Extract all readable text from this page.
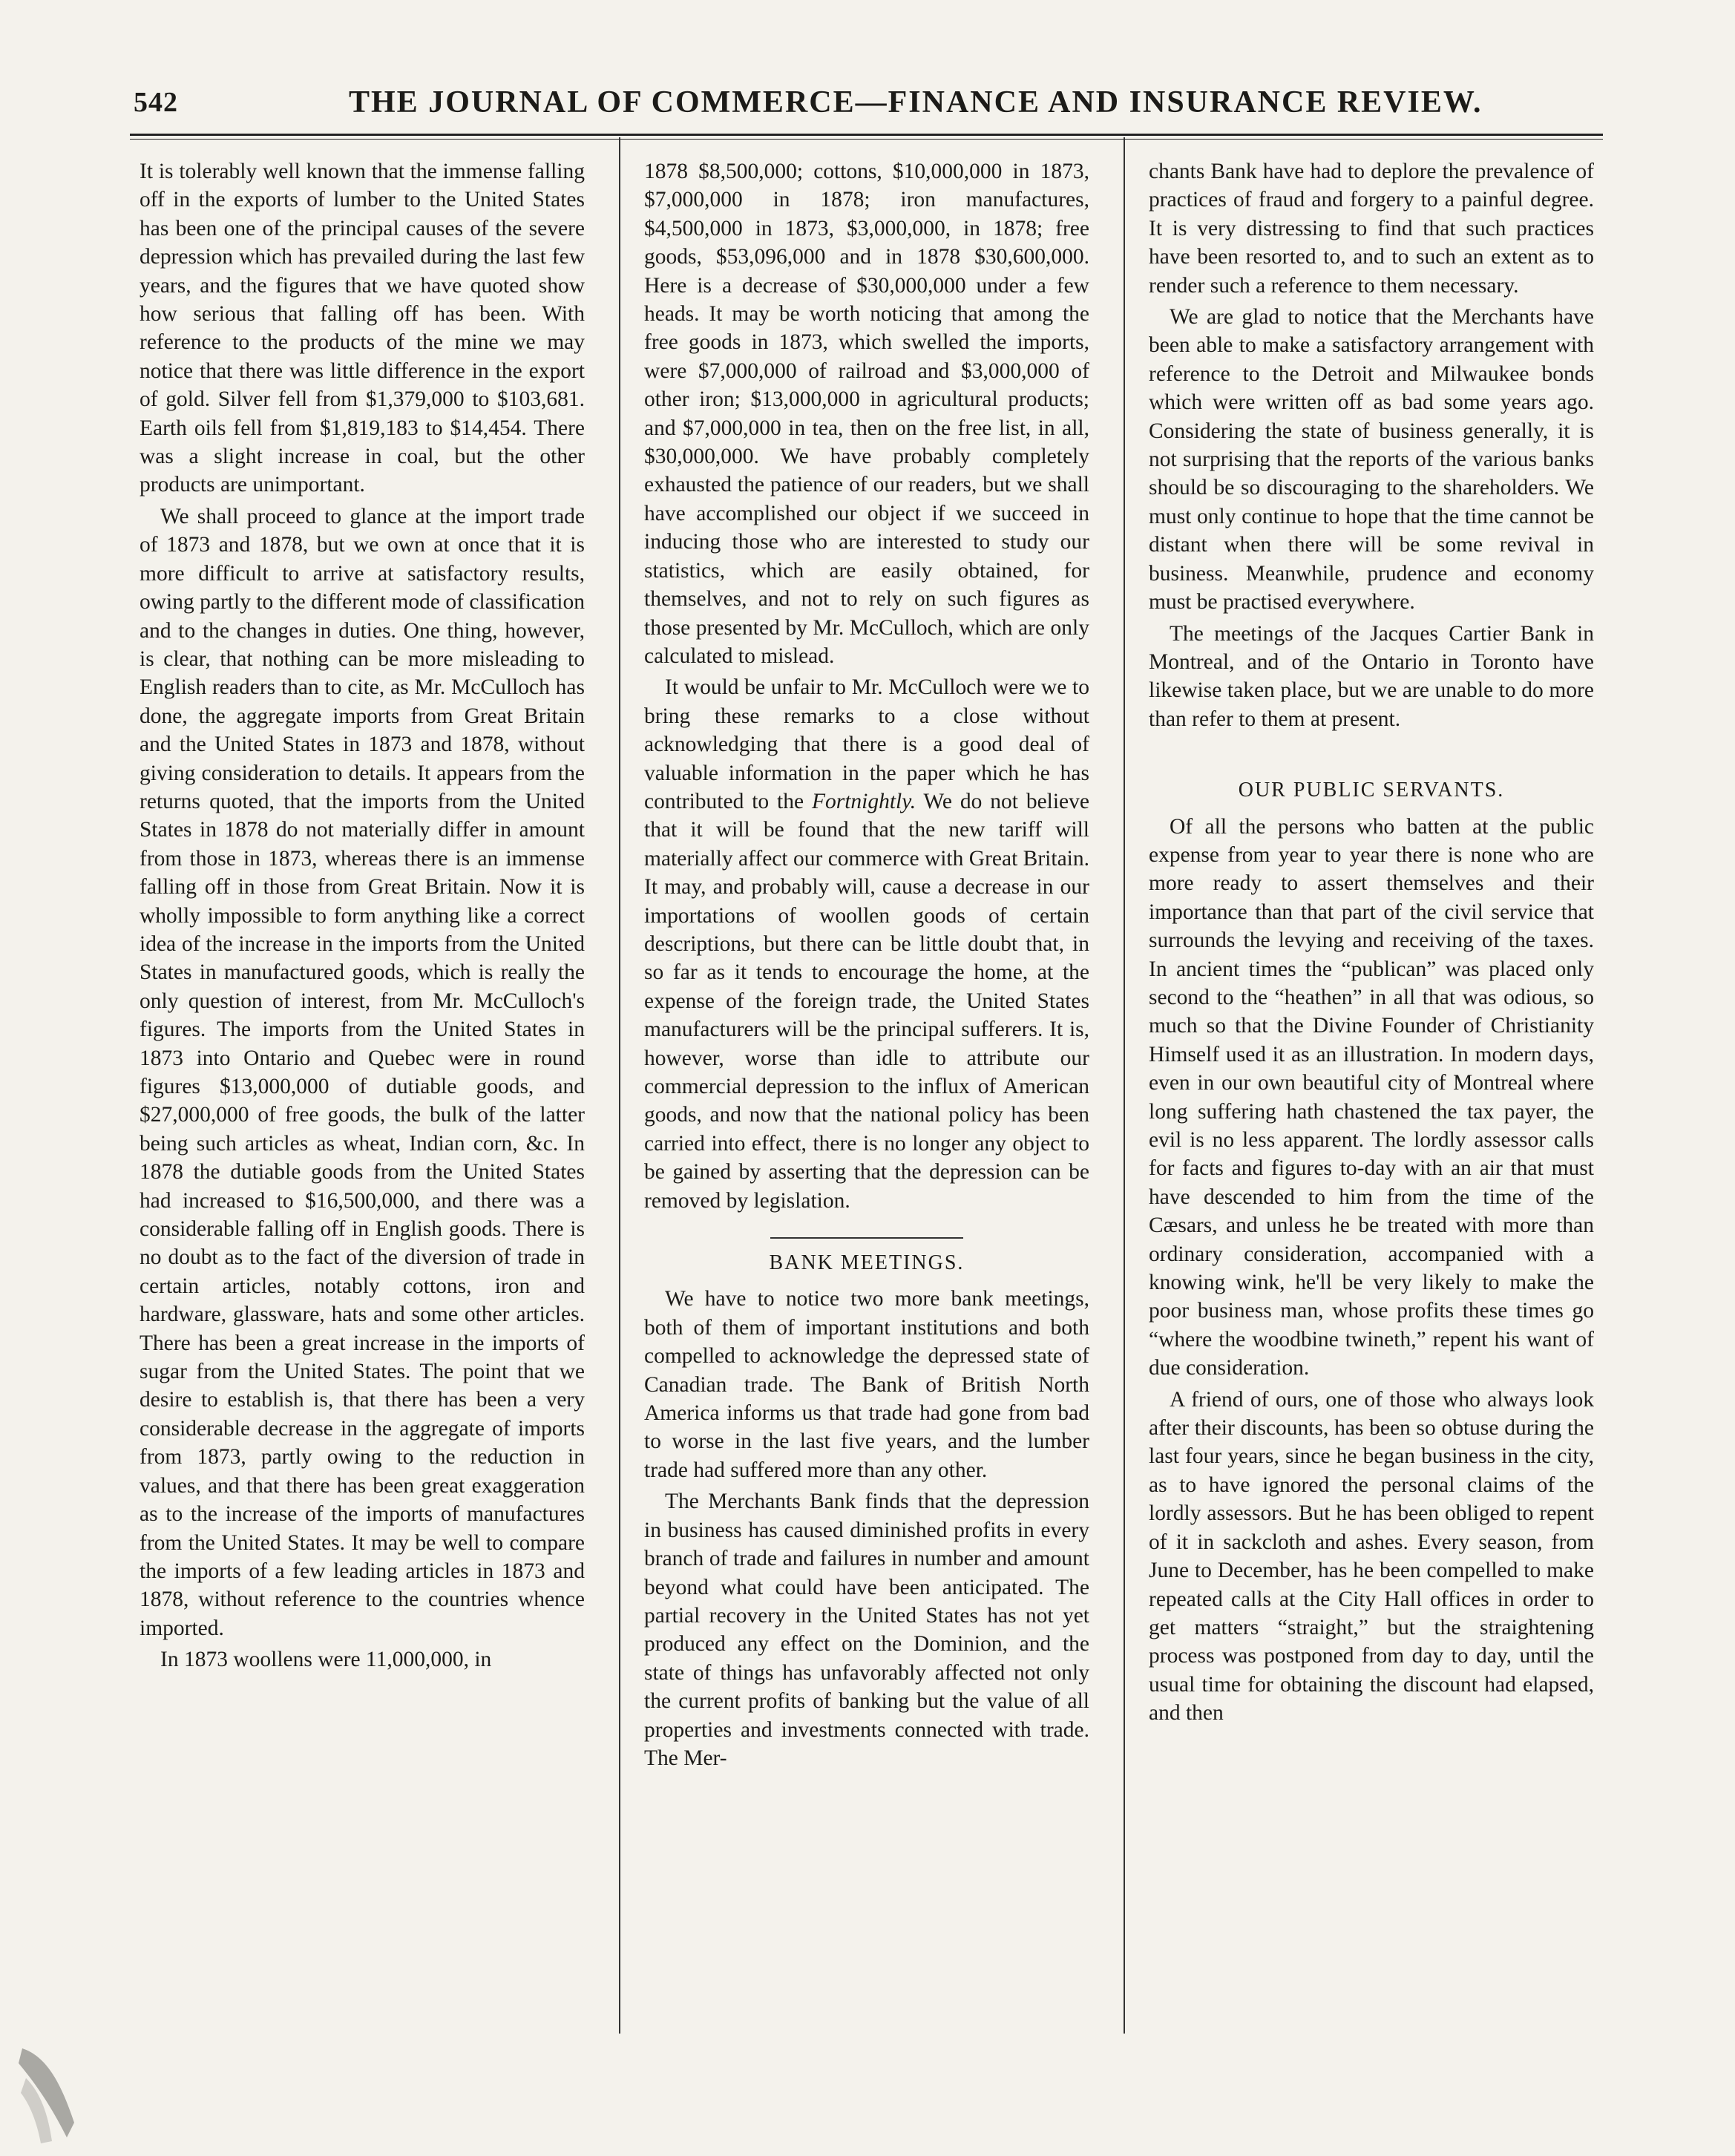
542	THE JOURNAL OF COMMERCE—FINANCE AND INSURANCE REVIEW.

It is tolerably well known that the immense falling off in the exports of lumber to the United States has been one of the principal causes of the severe depression which has prevailed during the last few years, and the figures that we have quoted show how serious that falling off has been. With reference to the products of the mine we may notice that there was little difference in the export of gold. Silver fell from $1,379,000 to $103,681. Earth oils fell from $1,819,183 to $14,454. There was a slight increase in coal, but the other products are unimportant.

We shall proceed to glance at the import trade of 1873 and 1878, but we own at once that it is more difficult to arrive at satisfactory results, owing partly to the different mode of classification and to the changes in duties. One thing, however, is clear, that nothing can be more misleading to English readers than to cite, as Mr. McCulloch has done, the aggregate imports from Great Britain and the United States in 1873 and 1878, without giving consideration to details. It appears from the returns quoted, that the imports from the United States in 1878 do not materially differ in amount from those in 1873, whereas there is an immense falling off in those from Great Britain. Now it is wholly impossible to form anything like a correct idea of the increase in the imports from the United States in manufactured goods, which is really the only question of interest, from Mr. McCulloch's figures. The imports from the United States in 1873 into Ontario and Quebec were in round figures $13,000,000 of dutiable goods, and $27,000,000 of free goods, the bulk of the latter being such articles as wheat, Indian corn, &c. In 1878 the dutiable goods from the United States had increased to $16,500,000, and there was a considerable falling off in English goods. There is no doubt as to the fact of the diversion of trade in certain articles, notably cottons, iron and hardware, glassware, hats and some other articles. There has been a great increase in the imports of sugar from the United States. The point that we desire to establish is, that there has been a very considerable decrease in the aggregate of imports from 1873, partly owing to the reduction in values, and that there has been great exaggeration as to the increase of the imports of manufactures from the United States. It may be well to compare the imports of a few leading articles in 1873 and 1878, without reference to the countries whence imported.

In 1873 woollens were 11,000,000, in

1878 $8,500,000; cottons, $10,000,000 in 1873, $7,000,000 in 1878; iron manufactures, $4,500,000 in 1873, $3,000,000, in 1878; free goods, $53,096,000 and in 1878 $30,600,000. Here is a decrease of $30,000,000 under a few heads. It may be worth noticing that among the free goods in 1873, which swelled the imports, were $7,000,000 of railroad and $3,000,000 of other iron; $13,000,000 in agricultural products; and $7,000,000 in tea, then on the free list, in all, $30,000,000. We have probably completely exhausted the patience of our readers, but we shall have accomplished our object if we succeed in inducing those who are interested to study our statistics, which are easily obtained, for themselves, and not to rely on such figures as those presented by Mr. McCulloch, which are only calculated to mislead.

It would be unfair to Mr. McCulloch were we to bring these remarks to a close without acknowledging that there is a good deal of valuable information in the paper which he has contributed to the Fortnightly. We do not believe that it will be found that the new tariff will materially affect our commerce with Great Britain. It may, and probably will, cause a decrease in our importations of woollen goods of certain descriptions, but there can be little doubt that, in so far as it tends to encourage the home, at the expense of the foreign trade, the United States manufacturers will be the principal sufferers. It is, however, worse than idle to attribute our commercial depression to the influx of American goods, and now that the national policy has been carried into effect, there is no longer any object to be gained by asserting that the depression can be removed by legislation.

BANK MEETINGS.

We have to notice two more bank meetings, both of them of important institutions and both compelled to acknowledge the depressed state of Canadian trade. The Bank of British North America informs us that trade had gone from bad to worse in the last five years, and the lumber trade had suffered more than any other.

The Merchants Bank finds that the depression in business has caused diminished profits in every branch of trade and failures in number and amount beyond what could have been anticipated. The partial recovery in the United States has not yet produced any effect on the Dominion, and the state of things has unfavorably affected not only the current profits of banking but the value of all properties and investments connected with trade. The Mer-

chants Bank have had to deplore the prevalence of practices of fraud and forgery to a painful degree. It is very distressing to find that such practices have been resorted to, and to such an extent as to render such a reference to them necessary.

We are glad to notice that the Merchants have been able to make a satisfactory arrangement with reference to the Detroit and Milwaukee bonds which were written off as bad some years ago. Considering the state of business generally, it is not surprising that the reports of the various banks should be so discouraging to the shareholders. We must only continue to hope that the time cannot be distant when there will be some revival in business. Meanwhile, prudence and economy must be practised everywhere.

The meetings of the Jacques Cartier Bank in Montreal, and of the Ontario in Toronto have likewise taken place, but we are unable to do more than refer to them at present.

OUR PUBLIC SERVANTS.

Of all the persons who batten at the public expense from year to year there is none who are more ready to assert themselves and their importance than that part of the civil service that surrounds the levying and receiving of the taxes. In ancient times the “publican” was placed only second to the “heathen” in all that was odious, so much so that the Divine Founder of Christianity Himself used it as an illustration. In modern days, even in our own beautiful city of Montreal where long suffering hath chastened the tax payer, the evil is no less apparent. The lordly assessor calls for facts and figures to-day with an air that must have descended to him from the time of the Cæsars, and unless he be treated with more than ordinary consideration, accompanied with a knowing wink, he'll be very likely to make the poor business man, whose profits these times go “where the woodbine twineth,” repent his want of due consideration.

A friend of ours, one of those who always look after their discounts, has been so obtuse during the last four years, since he began business in the city, as to have ignored the personal claims of the lordly assessors. But he has been obliged to repent of it in sackcloth and ashes. Every season, from June to December, has he been compelled to make repeated calls at the City Hall offices in order to get matters “straight,” but the straightening process was postponed from day to day, until the usual time for obtaining the discount had elapsed, and then
